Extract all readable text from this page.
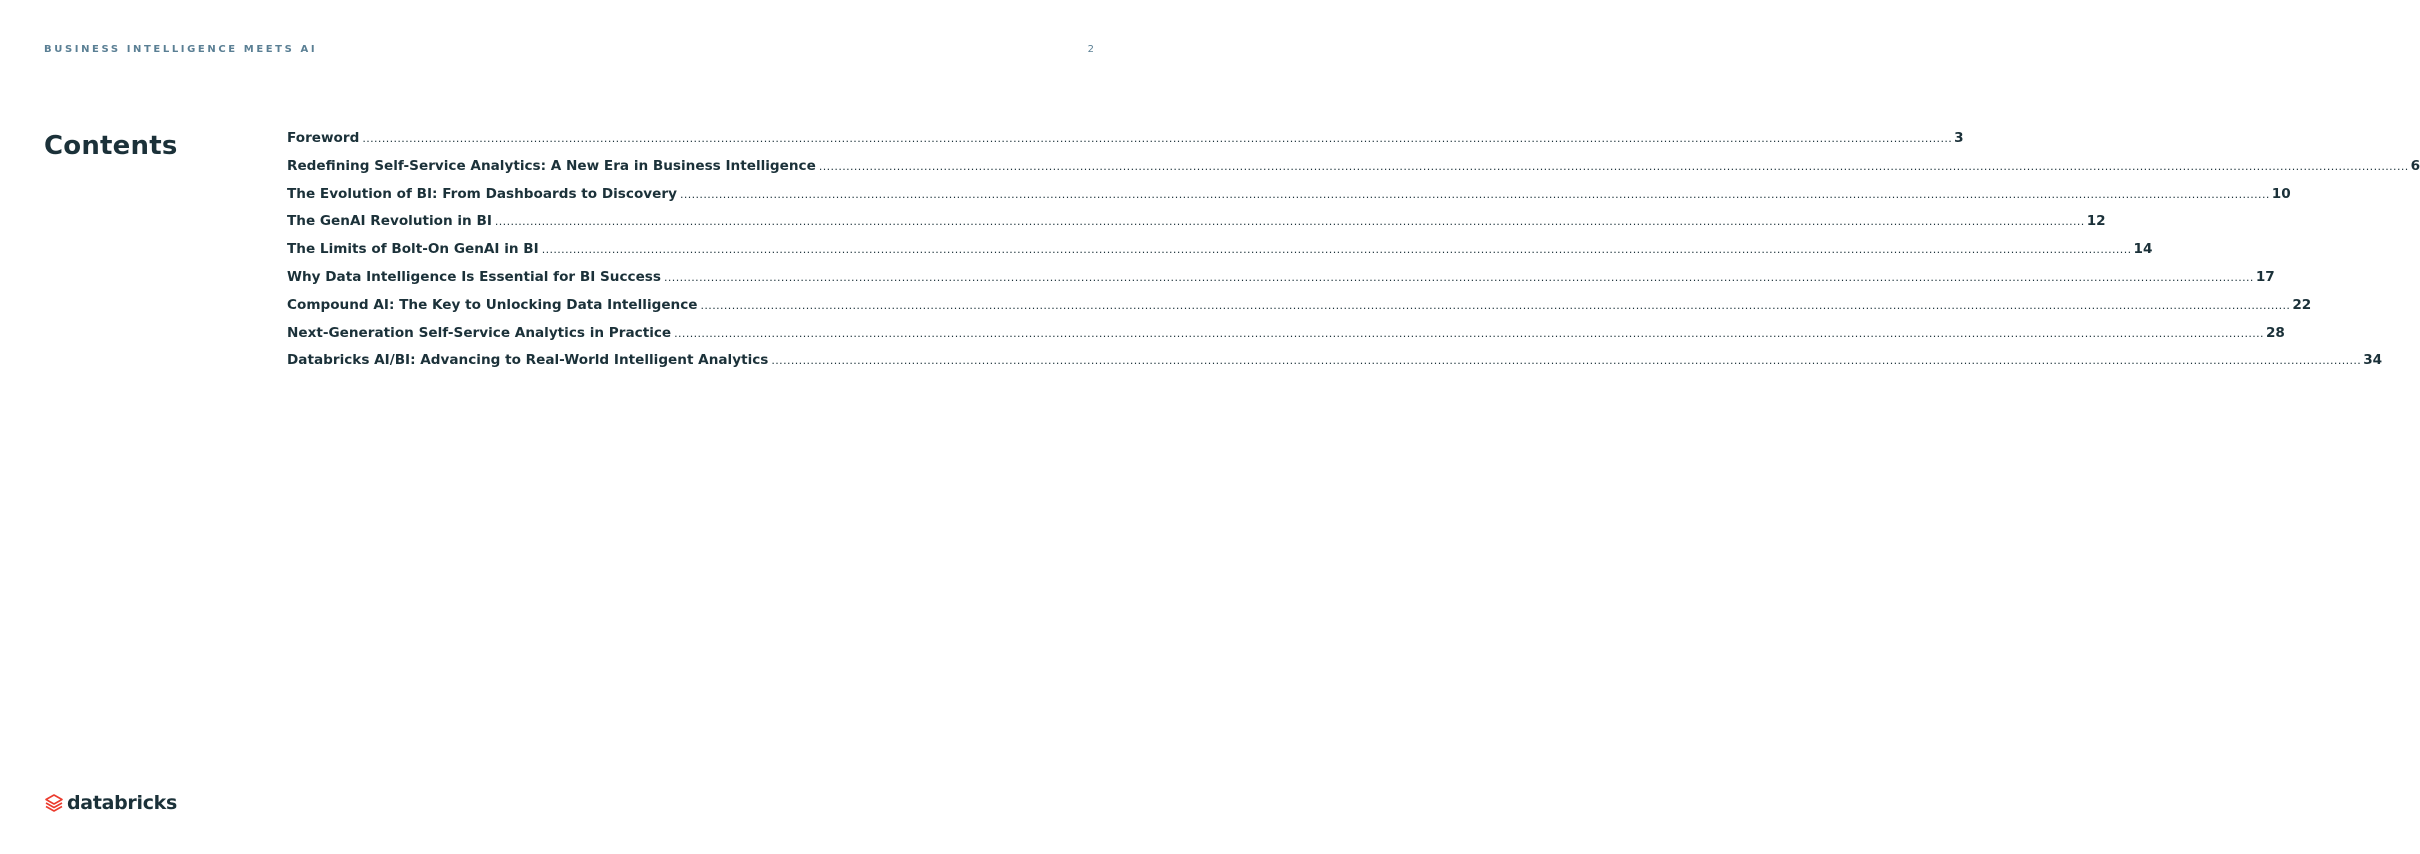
BUSINESS INTELLIGENCE MEETS AI	2
Contents	Foreword .....	3
Redefining Self-Service Analytics: A New Era in Business Intelligence .....	6
The Evolution of BI: From Dashboards to Discovery .....	10
The GenAI Revolution in BI .....	12
The Limits of Bolt-On GenAI in BI .....	14
Why Data Intelligence Is Essential for BI Success .....	17
Compound AI: The Key to Unlocking Data Intelligence .....	22
Next-Generation Self-Service Analytics in Practice .....	28
Databricks AI/BI: Advancing to Real-World Intelligent Analytics .....	34
databricks
